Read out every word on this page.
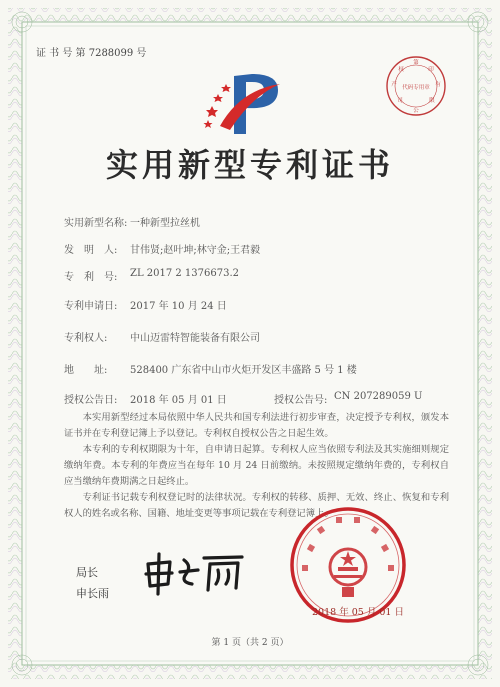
证 书 号 第 7288099 号
第
印
有
限
公
司
产
权
代码专用章
实用新型专利证书
实用新型名称: 一种新型拉丝机
发　明　人: 甘伟贤;赵叶坤;林守金;王君毅
专　利　号: ZL 2017 2 1376673.2
专利申请日: 2017 年 10 月 24 日
专利权人: 中山迈雷特智能装备有限公司
地　　址: 528400 广东省中山市火炬开发区丰盛路 5 号 1 楼
授权公告日: 2018 年 05 月 01 日	授权公告号: CN 207289059 U

本实用新型经过本局依照中华人民共和国专利法进行初步审查，决定授予专利权，颁发本证书并在专利登记簿上予以登记。专利权自授权公告之日起生效。

本专利的专利权期限为十年，自申请日起算。专利权人应当依照专利法及其实施细则规定缴纳年费。本专利的年费应当在每年 10 月 24 日前缴纳。未按照规定缴纳年费的，专利权自应当缴纳年费期满之日起终止。

专利证书记载专利权登记时的法律状况。专利权的转移、质押、无效、终止、恢复和专利权人的姓名或名称、国籍、地址变更等事项记载在专利登记簿上。

局长
申长雨
2018 年 05 月 01 日
第 1 页（共 2 页）
